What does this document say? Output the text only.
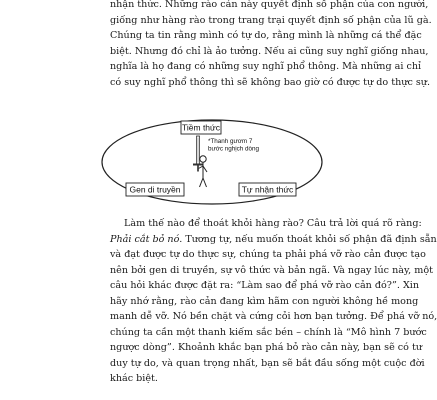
nhận thức. Những rào cản này quyết định số phận của con người,
giống như hàng rào trong trang trại quyết định số phận của lũ gà.
Chúng ta tin rằng mình có tự do, rằng mình là những cá thể đặc
biệt. Nhưng đó chỉ là ảo tưởng. Nếu ai cũng suy nghĩ giống nhau,
nghĩa là họ đang có những suy nghĩ phổ thông. Mà những ai chỉ
có suy nghĩ phổ thông thì sẽ không bao giờ có được tự do thực sự.

Tiềm thức
Gen di truyền	Tự nhận thức
*Thanh gươm 7
bước nghịch dòng

Làm thế nào để thoát khỏi hàng rào? Câu trả lời quá rõ ràng:
Phải cắt bỏ nó. Tương tự, nếu muốn thoát khỏi số phận đã định sẵn
và đạt được tự do thực sự, chúng ta phải phá vỡ rào cản được tạo
nên bởi gen di truyền, sự vô thức và bản ngã. Và ngay lúc này, một
câu hỏi khác được đặt ra: “Làm sao để phá vỡ rào cản đó?”. Xin
hãy nhớ rằng, rào cản đang kìm hãm con người không hề mong
manh dễ vỡ. Nó bền chặt và cứng cỏi hơn bạn tưởng. Để phá vỡ nó,
chúng ta cần một thanh kiếm sắc bén – chính là “Mô hình 7 bước
ngược dòng”. Khoảnh khắc bạn phá bỏ rào cản này, bạn sẽ có tư
duy tự do, và quan trọng nhất, bạn sẽ bắt đầu sống một cuộc đời
khác biệt.
